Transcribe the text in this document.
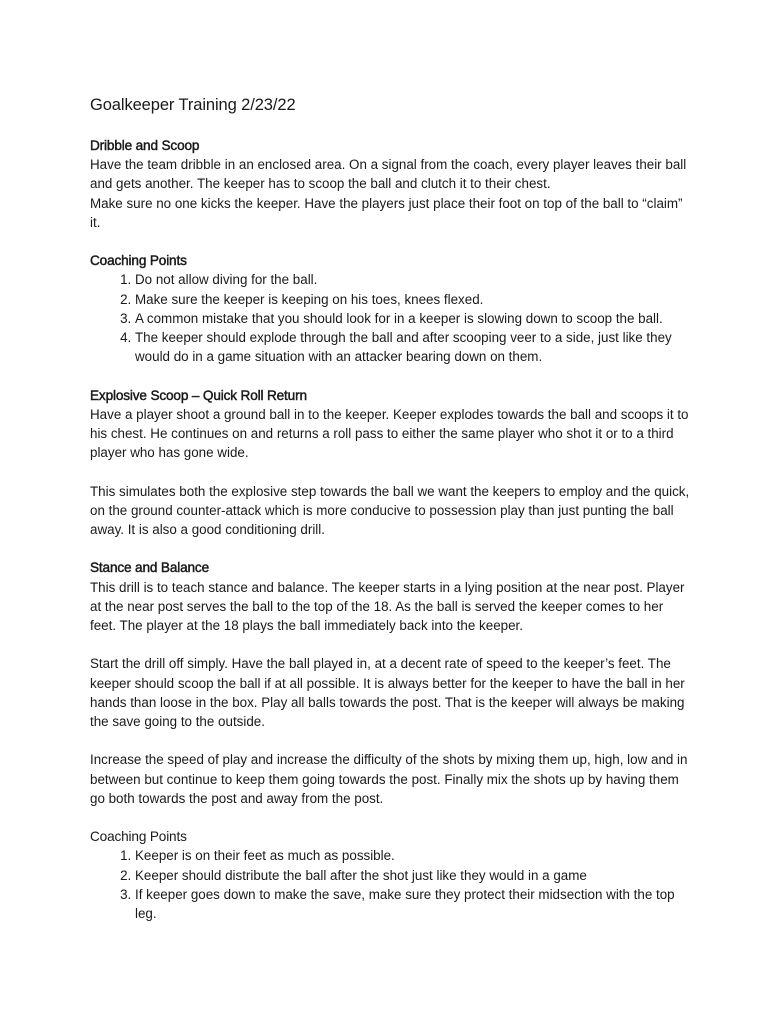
Goalkeeper Training 2/23/22
Dribble and Scoop

Have the team dribble in an enclosed area. On a signal from the coach, every player leaves their ball and gets another. The keeper has to scoop the ball and clutch it to their chest.

Make sure no one kicks the keeper. Have the players just place their foot on top of the ball to “claim” it.

Coaching Points
1. Do not allow diving for the ball.
2. Make sure the keeper is keeping on his toes, knees flexed.
3. A common mistake that you should look for in a keeper is slowing down to scoop the ball.
4. The keeper should explode through the ball and after scooping veer to a side, just like they would do in a game situation with an attacker bearing down on them.
Explosive Scoop – Quick Roll Return

Have a player shoot a ground ball in to the keeper. Keeper explodes towards the ball and scoops it to his chest. He continues on and returns a roll pass to either the same player who shot it or to a third player who has gone wide.

This simulates both the explosive step towards the ball we want the keepers to employ and the quick, on the ground counter-attack which is more conducive to possession play than just punting the ball away. It is also a good conditioning drill.

Stance and Balance

This drill is to teach stance and balance. The keeper starts in a lying position at the near post. Player at the near post serves the ball to the top of the 18. As the ball is served the keeper comes to her feet. The player at the 18 plays the ball immediately back into the keeper.

Start the drill off simply. Have the ball played in, at a decent rate of speed to the keeper’s feet. The keeper should scoop the ball if at all possible. It is always better for the keeper to have the ball in her hands than loose in the box. Play all balls towards the post. That is the keeper will always be making the save going to the outside.

Increase the speed of play and increase the difficulty of the shots by mixing them up, high, low and in between but continue to keep them going towards the post. Finally mix the shots up by having them go both towards the post and away from the post.

Coaching Points
1. Keeper is on their feet as much as possible.
2. Keeper should distribute the ball after the shot just like they would in a game
3. If keeper goes down to make the save, make sure they protect their midsection with the top leg.
